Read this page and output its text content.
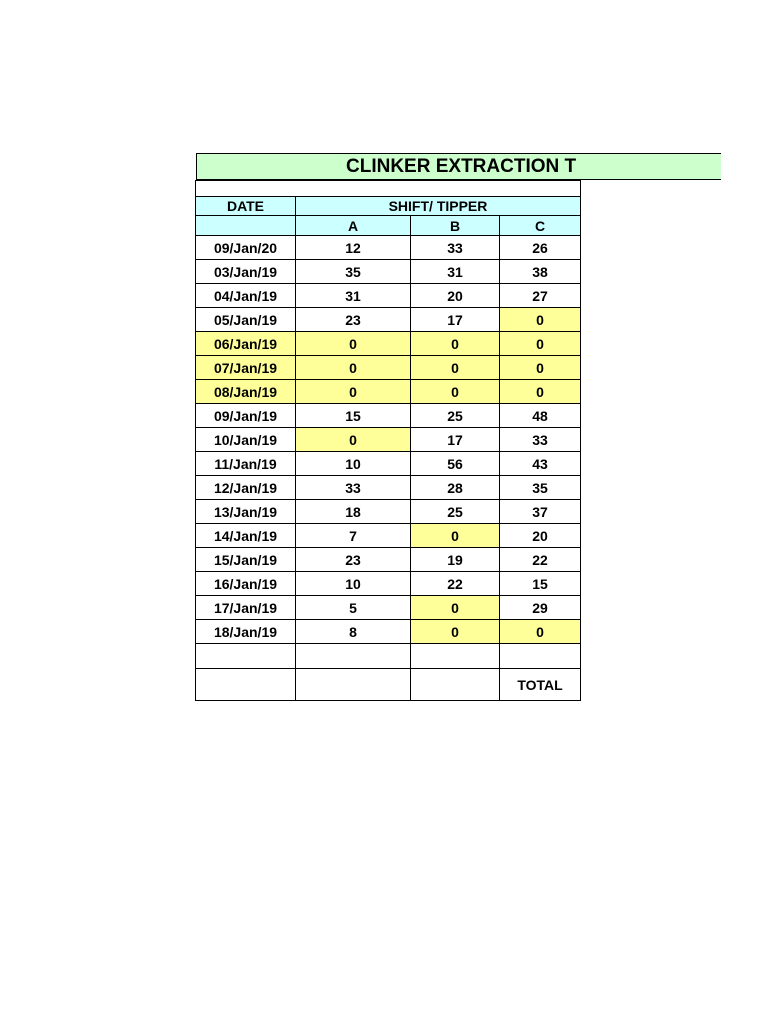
CLINKER EXTRACTION T

DATE	SHIFT/ TIPPER		
	A	B	C
09/Jan/20	12	33	26
03/Jan/19	35	31	38
04/Jan/19	31	20	27
05/Jan/19	23	17	0
06/Jan/19	0	0	0
07/Jan/19	0	0	0
08/Jan/19	0	0	0
09/Jan/19	15	25	48
10/Jan/19	0	17	33
11/Jan/19	10	56	43
12/Jan/19	33	28	35
13/Jan/19	18	25	37
14/Jan/19	7	0	20
15/Jan/19	23	19	22
16/Jan/19	10	22	15
17/Jan/19	5	0	29
18/Jan/19	8	0	0

			TOTAL
